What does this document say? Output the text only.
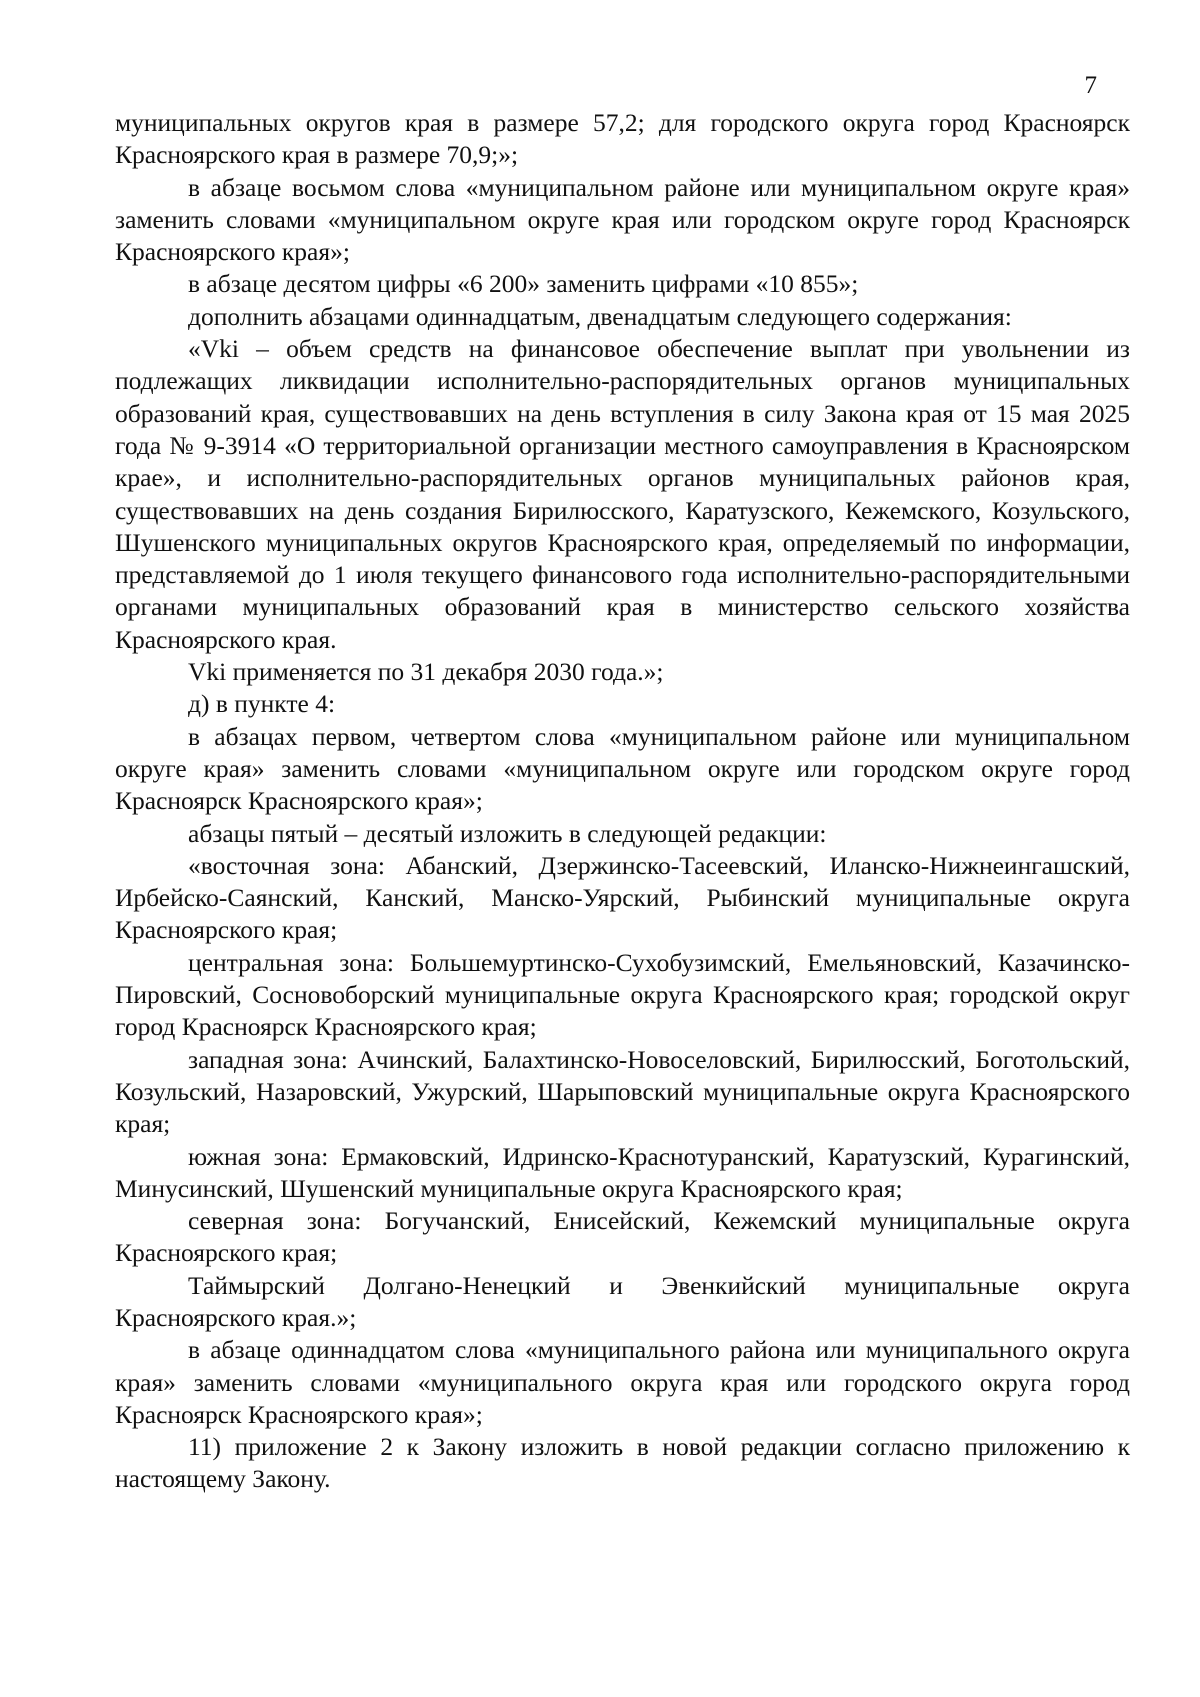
7

муниципальных округов края в размере 57,2; для городского округа город Красноярск Красноярского края в размере 70,9;»;

в абзаце восьмом слова «муниципальном районе или муниципальном округе края» заменить словами «муниципальном округе края или городском округе город Красноярск Красноярского края»;

в абзаце десятом цифры «6 200» заменить цифрами «10 855»;

дополнить абзацами одиннадцатым, двенадцатым следующего содержания:

«Vki – объем средств на финансовое обеспечение выплат при увольнении из подлежащих ликвидации исполнительно-распорядительных органов муниципальных образований края, существовавших на день вступления в силу Закона края от 15 мая 2025 года № 9-3914 «О территориальной организации местного самоуправления в Красноярском крае», и исполнительно-распорядительных органов муниципальных районов края, существовавших на день создания Бирилюсского, Каратузского, Кежемского, Козульского, Шушенского муниципальных округов Красноярского края, определяемый по информации, представляемой до 1 июля текущего финансового года исполнительно-распорядительными органами муниципальных образований края в министерство сельского хозяйства Красноярского края.

Vki применяется по 31 декабря 2030 года.»;

д) в пункте 4:

в абзацах первом, четвертом слова «муниципальном районе или муниципальном округе края» заменить словами «муниципальном округе или городском округе город Красноярск Красноярского края»;

абзацы пятый – десятый изложить в следующей редакции:

«восточная зона: Абанский, Дзержинско-Тасеевский, Иланско-Нижнеингашский, Ирбейско-Саянский, Канский, Манско-Уярский, Рыбинский муниципальные округа Красноярского края;

центральная зона: Большемуртинско-Сухобузимский, Емельяновский, Казачинско-Пировский, Сосновоборский муниципальные округа Красноярского края; городской округ город Красноярск Красноярского края;

западная зона: Ачинский, Балахтинско-Новоселовский, Бирилюсский, Боготольский, Козульский, Назаровский, Ужурский, Шарыповский муниципальные округа Красноярского края;

южная зона: Ермаковский, Идринско-Краснотуранский, Каратузский, Курагинский, Минусинский, Шушенский муниципальные округа Красноярского края;

северная зона: Богучанский, Енисейский, Кежемский муниципальные округа Красноярского края;

Таймырский Долгано-Ненецкий и Эвенкийский муниципальные округа Красноярского края.»;

в абзаце одиннадцатом слова «муниципального района или муниципального округа края» заменить словами «муниципального округа края или городского округа город Красноярск Красноярского края»;

11) приложение 2 к Закону изложить в новой редакции согласно приложению к настоящему Закону.
